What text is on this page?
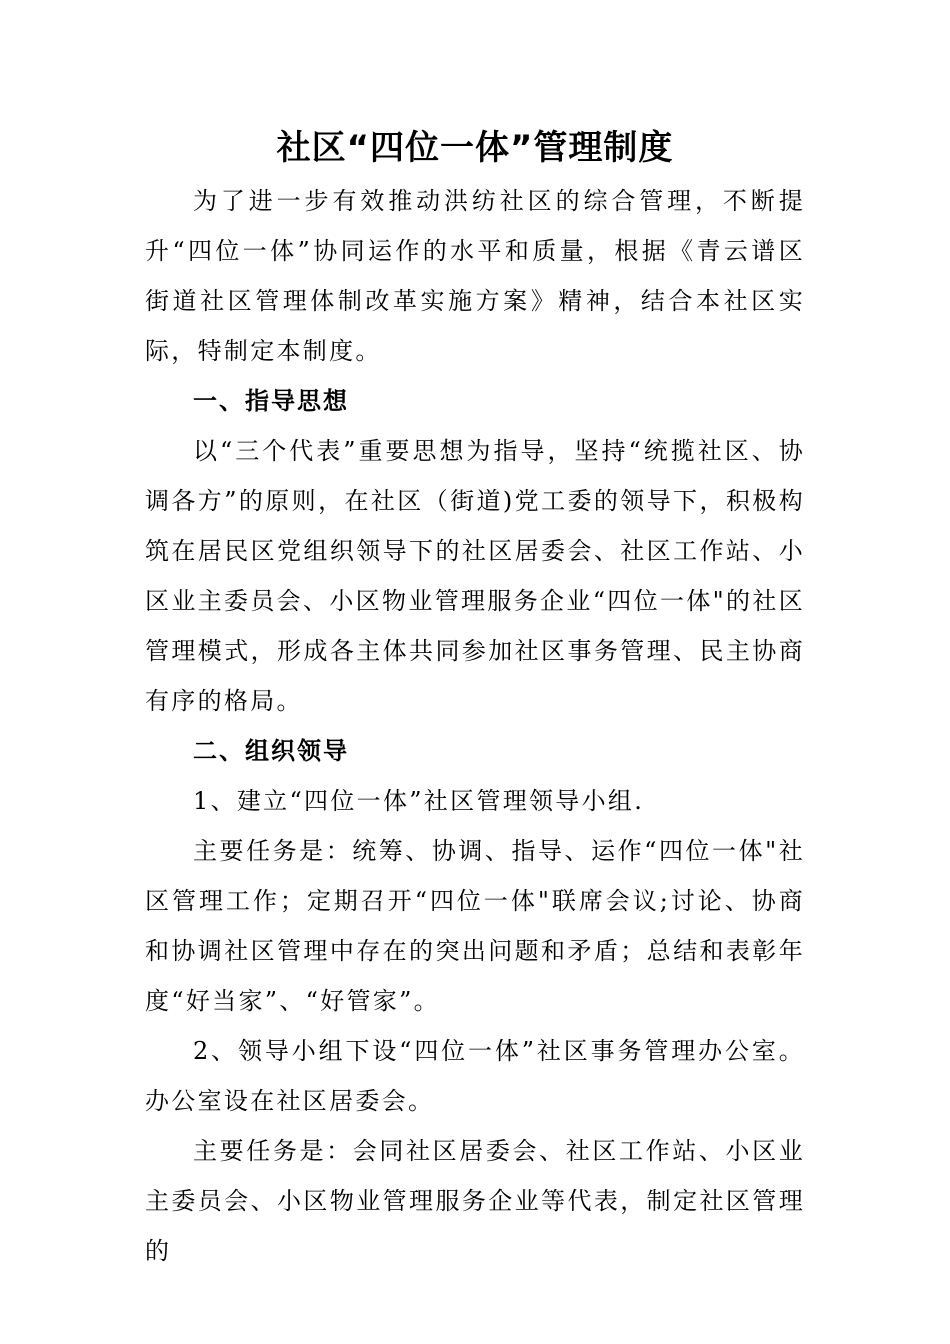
社区“四位一体”管理制度

为了进一步有效推动洪纺社区的综合管理，不断提升“四位一体”协同运作的水平和质量，根据《青云谱区街道社区管理体制改革实施方案》精神，结合本社区实际，特制定本制度。

一、指导思想

以“三个代表”重要思想为指导，坚持“统揽社区、协调各方”的原则，在社区（街道)党工委的领导下，积极构筑在居民区党组织领导下的社区居委会、社区工作站、小区业主委员会、小区物业管理服务企业“四位一体"的社区管理模式，形成各主体共同参加社区事务管理、民主协商有序的格局。

二、组织领导

1、建立“四位一体”社区管理领导小组.

主要任务是：统筹、协调、指导、运作“四位一体"社区管理工作；定期召开“四位一体"联席会议;讨论、协商和协调社区管理中存在的突出问题和矛盾；总结和表彰年度“好当家”、“好管家”。

2、领导小组下设“四位一体”社区事务管理办公室。办公室设在社区居委会。

主要任务是：会同社区居委会、社区工作站、小区业主委员会、小区物业管理服务企业等代表，制定社区管理的
